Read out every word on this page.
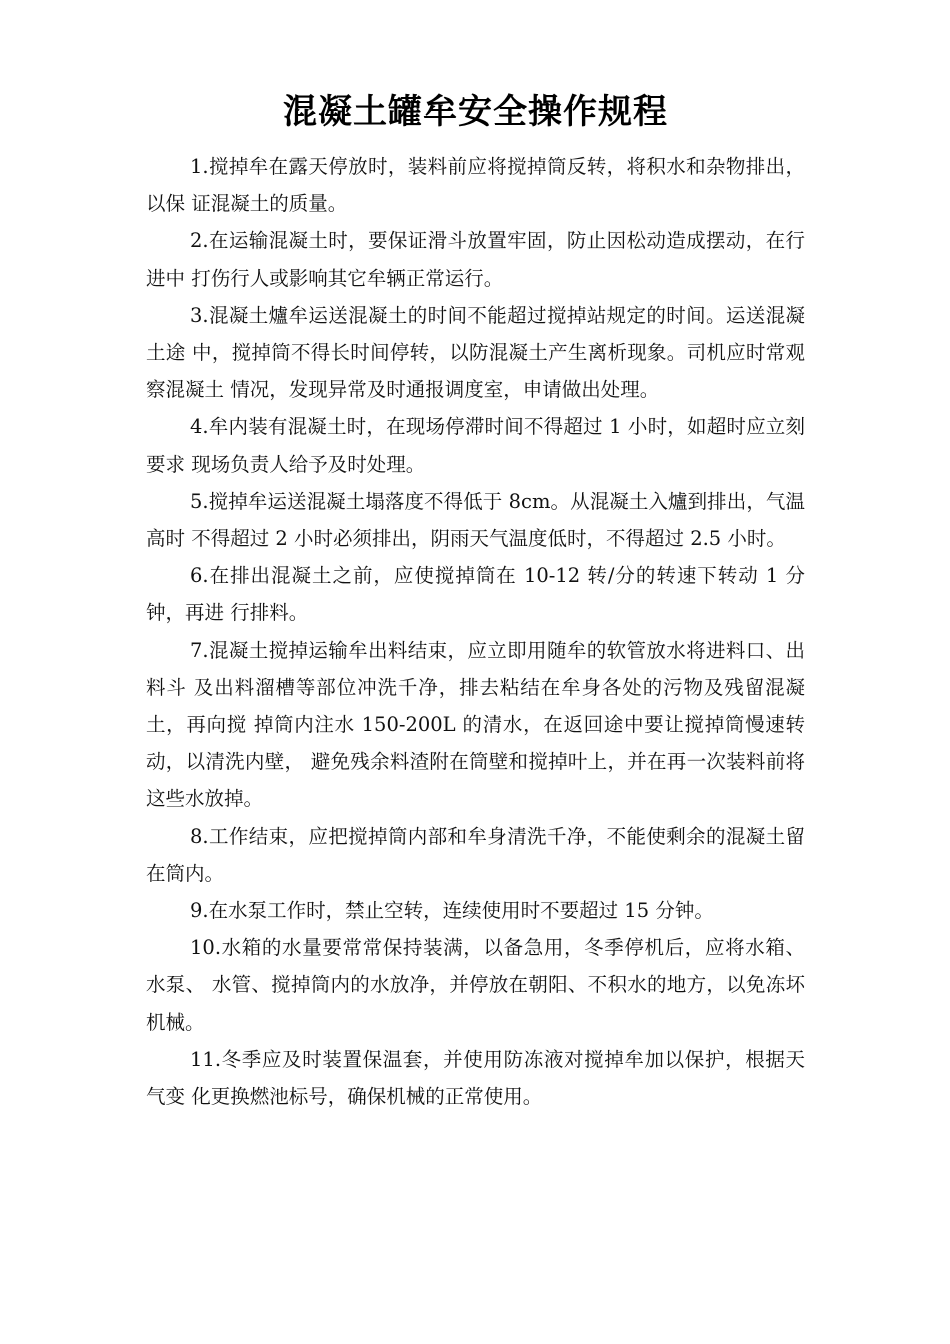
混凝土罐牟安全操作规程

1.搅掉牟在露天停放时，装料前应将搅掉筒反转，将积水和杂物排出，以保 证混凝土的质量。

2.在运输混凝土时，要保证滑斗放置牢固，防止因松动造成摆动，在行进中 打伤行人或影响其它牟辆正常运行。

3.混凝土爐牟运送混凝土的时间不能超过搅掉站规定的时间。运送混凝土途 中，搅掉筒不得长时间停转，以防混凝土产生离析现象。司机应时常观察混凝土 情况，发现异常及时通报调度室，申请做出处理。

4.牟内装有混凝土时，在现场停滞时间不得超过 1 小时，如超时应立刻要求 现场负责人给予及时处理。

5.搅掉牟运送混凝土塌落度不得低于 8cm。从混凝土入爐到排出，气温高时 不得超过 2 小时必须排出，阴雨天气温度低时，不得超过 2.5 小时。

6.在排出混凝土之前，应使搅掉筒在 10-12 转/分的转速下转动 1 分钟，再进 行排料。

7.混凝土搅掉运输牟出料结束，应立即用随牟的软管放水将进料口、出料斗 及出料溜槽等部位冲洗千净，排去粘结在牟身各处的污物及残留混凝土，再向搅 掉筒内注水 150-200L 的清水，在返回途中要让搅掉筒慢速转动，以清洗内壁， 避免残余料渣附在筒壁和搅掉叶上，并在再一次装料前将这些水放掉。

8.工作结束，应把搅掉筒内部和牟身清洗千净，不能使剩余的混凝土留在筒内。

9.在水泵工作时，禁止空转，连续使用时不要超过 15 分钟。

10.水箱的水量要常常保持装满，以备急用，冬季停机后，应将水箱、水泵、 水管、搅掉筒内的水放净，并停放在朝阳、不积水的地方，以免冻坏机械。

11.冬季应及时装置保温套，并使用防冻液对搅掉牟加以保护，根据天气变 化更换燃池标号，确保机械的正常使用。
